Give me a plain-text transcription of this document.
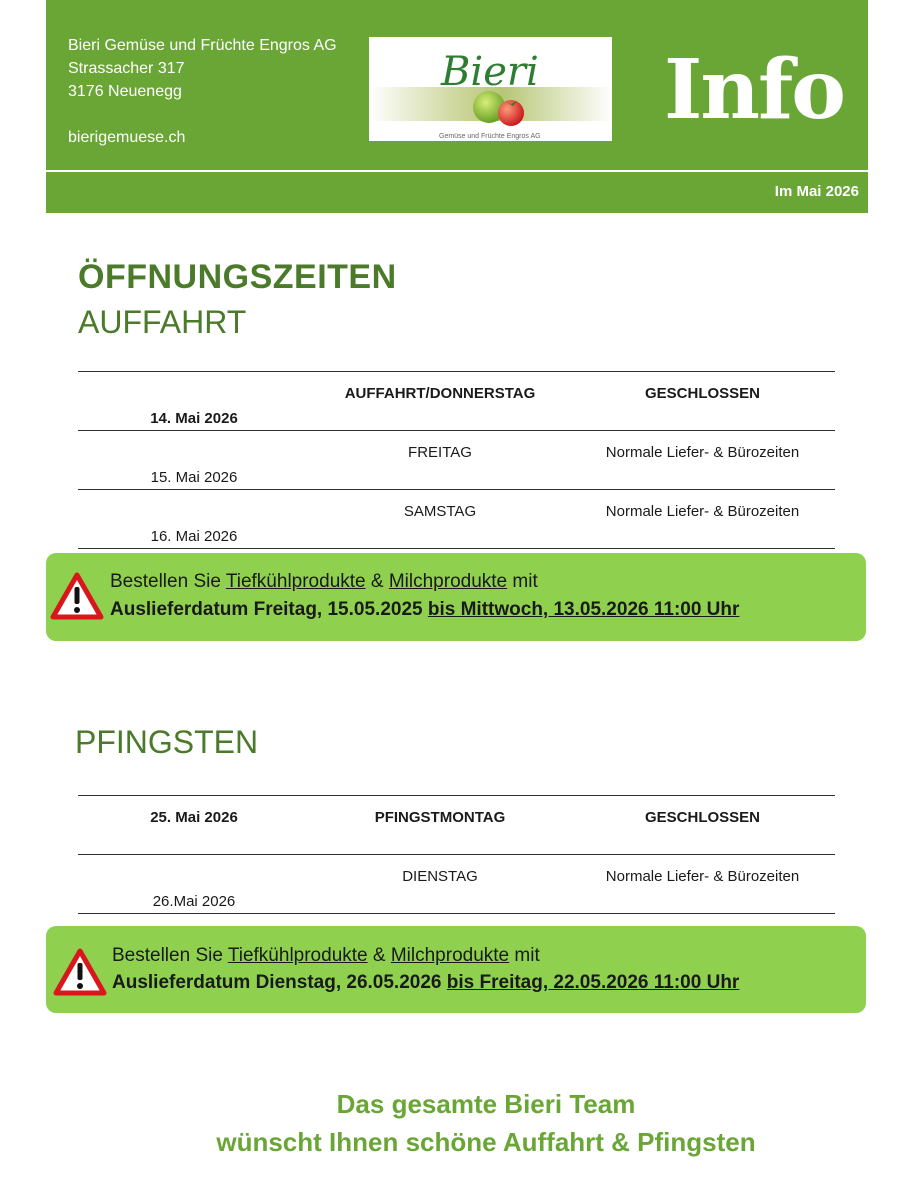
Bieri Gemüse und Früchte Engros AG
Strassacher 317
3176 Neuenegg
bierigemuese.ch
Bieri
Gemüse und Früchte Engros AG Info
Im Mai 2026
ÖFFNUNGSZEITEN
AUFFAHRT
14. Mai 2026	AUFFAHRT/DONNERSTAG	GESCHLOSSEN
15. Mai 2026	FREITAG	Normale Liefer- & Bürozeiten
16. Mai 2026	SAMSTAG	Normale Liefer- & Bürozeiten
Bestellen Sie Tiefkühlprodukte & Milchprodukte mit
Auslieferdatum Freitag, 15.05.2025 bis Mittwoch, 13.05.2026 11:00 Uhr
PFINGSTEN
25. Mai 2026	PFINGSTMONTAG	GESCHLOSSEN
26.Mai 2026	DIENSTAG	Normale Liefer- & Bürozeiten
Bestellen Sie Tiefkühlprodukte & Milchprodukte mit
Auslieferdatum Dienstag, 26.05.2026 bis Freitag, 22.05.2026 11:00 Uhr
Das gesamte Bieri Team
wünscht Ihnen schöne Auffahrt & Pfingsten
